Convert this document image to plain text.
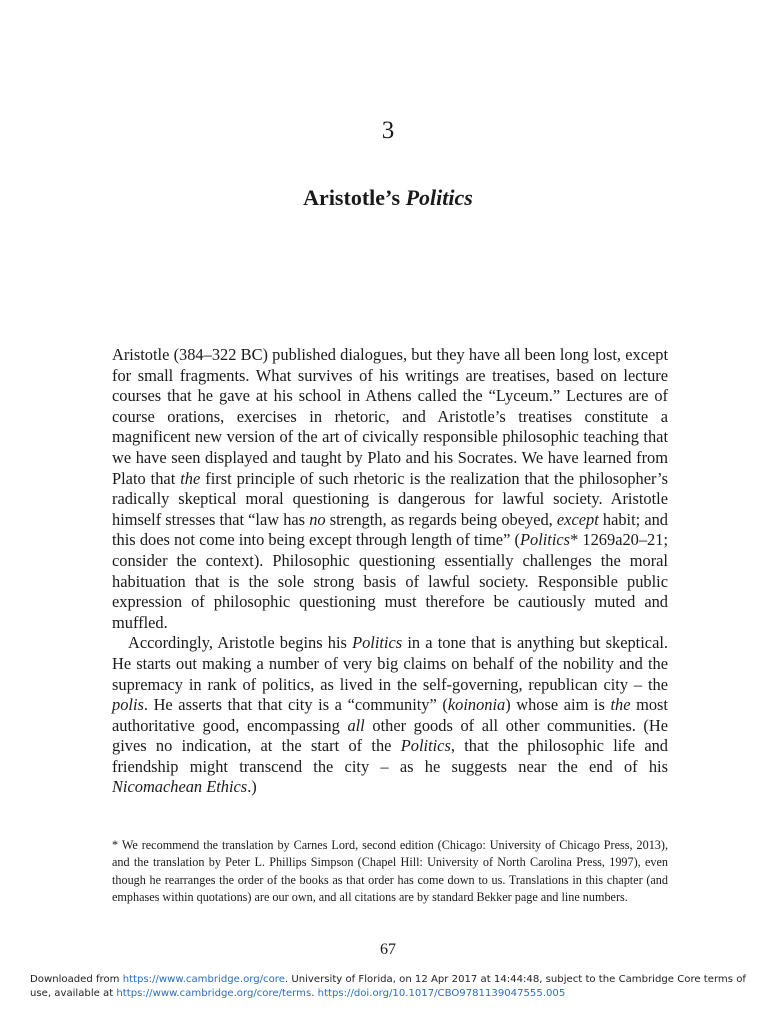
3
Aristotle’s Politics

Aristotle (384–322 BC) published dialogues, but they have all been long lost, except for small fragments. What survives of his writings are treatises, based on lecture courses that he gave at his school in Athens called the “Lyceum.” Lectures are of course orations, exercises in rhetoric, and Aristotle’s treatises constitute a magnificent new version of the art of civically responsible philosophic teaching that we have seen displayed and taught by Plato and his Socrates. We have learned from Plato that the first principle of such rhetoric is the realization that the philosopher’s radically skeptical moral questioning is dangerous for lawful society. Aristotle himself stresses that “law has no strength, as regards being obeyed, except habit; and this does not come into being except through length of time” (Politics* 1269a20–21; consider the context). Philosophic questioning essentially challenges the moral habituation that is the sole strong basis of lawful society. Responsible public expression of philosophic questioning must therefore be cautiously muted and muffled.

Accordingly, Aristotle begins his Politics in a tone that is anything but skeptical. He starts out making a number of very big claims on behalf of the nobility and the supremacy in rank of politics, as lived in the self-governing, republican city – the polis. He asserts that that city is a “community” (koinonia) whose aim is the most authoritative good, encompassing all other goods of all other communities. (He gives no indication, at the start of the Politics, that the philosophic life and friendship might transcend the city – as he suggests near the end of his Nicomachean Ethics.)

* We recommend the translation by Carnes Lord, second edition (Chicago: University of Chicago Press, 2013), and the translation by Peter L. Phillips Simpson (Chapel Hill: University of North Carolina Press, 1997), even though he rearranges the order of the books as that order has come down to us. Translations in this chapter (and emphases within quotations) are our own, and all citations are by standard Bekker page and line numbers.
67
Downloaded from https://www.cambridge.org/core. University of Florida, on 12 Apr 2017 at 14:44:48, subject to the Cambridge Core terms of use, available at https://www.cambridge.org/core/terms. https://doi.org/10.1017/CBO9781139047555.005
